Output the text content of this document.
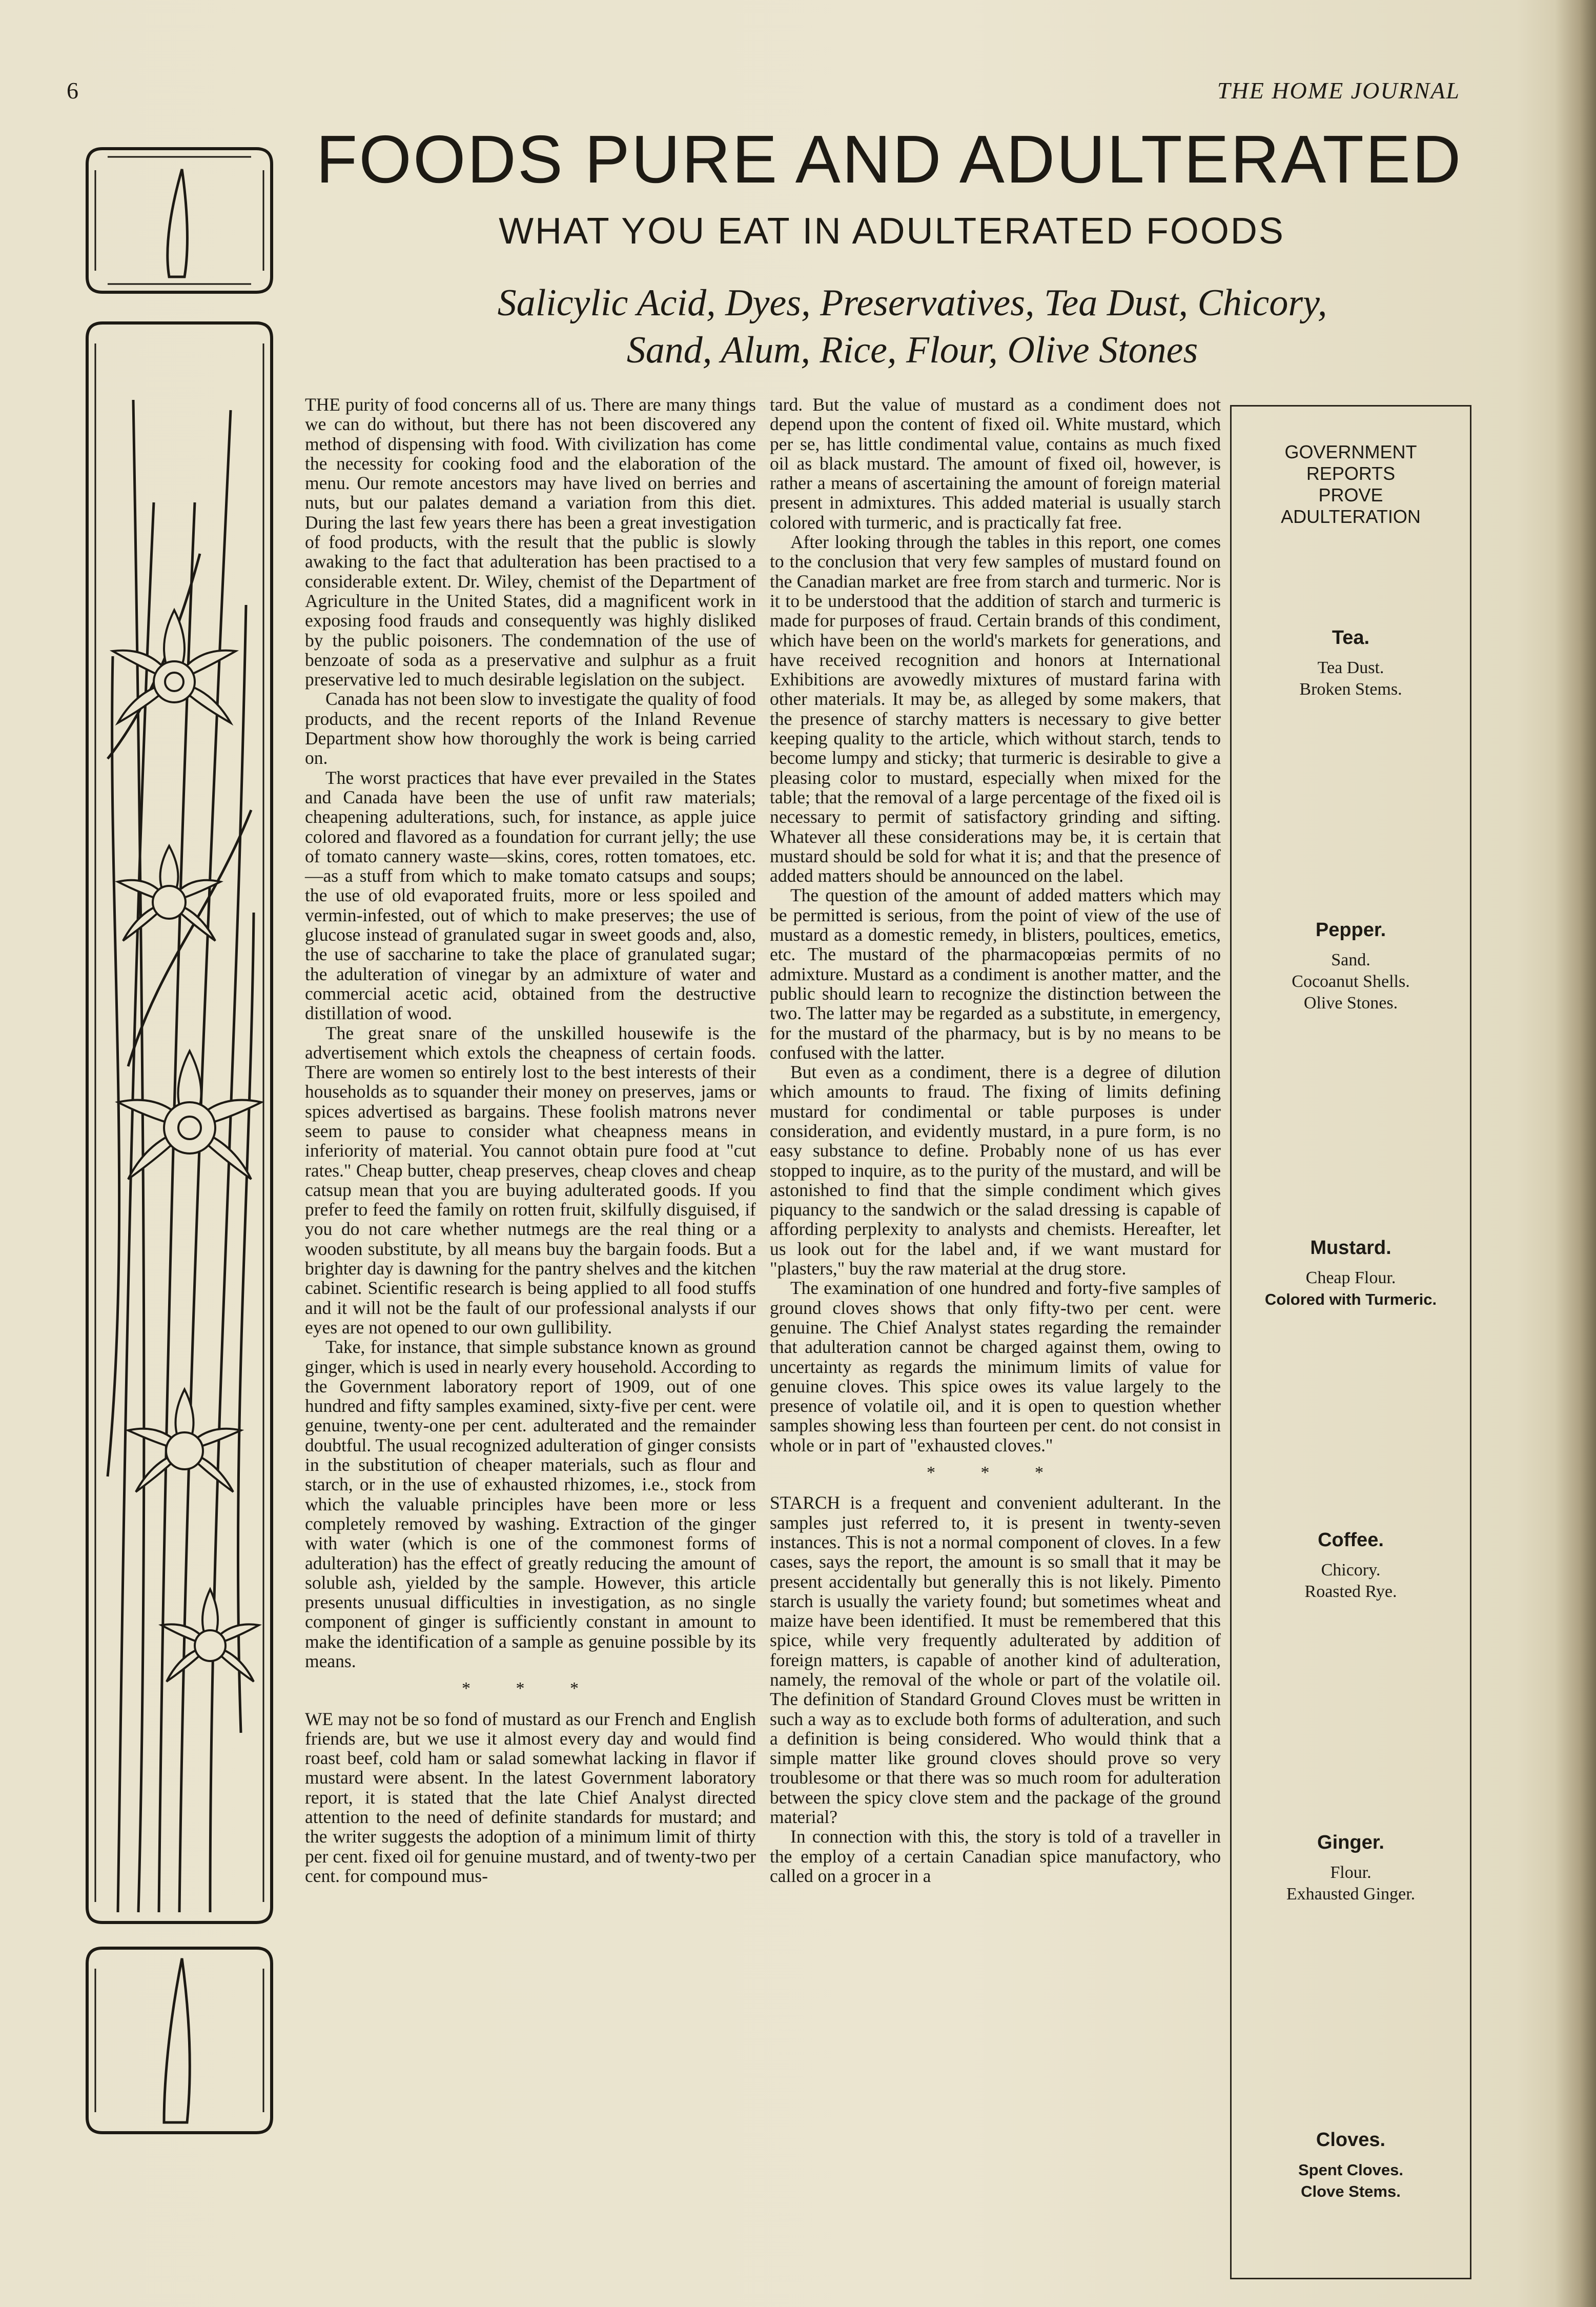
6	THE HOME JOURNAL
FOODS PURE AND ADULTERATED
WHAT YOU EAT IN ADULTERATED FOODS
Salicylic Acid, Dyes, Preservatives, Tea Dust, Chicory,
Sand, Alum, Rice, Flour, Olive Stones

THE purity of food concerns all of us. There are many things we can do without, but there has not been discovered any method of dispensing with food. With civilization has come the necessity for cooking food and the elaboration of the menu. Our remote ancestors may have lived on berries and nuts, but our palates demand a variation from this diet. During the last few years there has been a great investigation of food products, with the result that the public is slowly awaking to the fact that adulteration has been practised to a considerable extent. Dr. Wiley, chemist of the Department of Agriculture in the United States, did a magnificent work in exposing food frauds and consequently was highly disliked by the public poisoners. The condemnation of the use of benzoate of soda as a preservative and sulphur as a fruit preservative led to much desirable legislation on the subject.

Canada has not been slow to investigate the quality of food products, and the recent reports of the Inland Revenue Department show how thoroughly the work is being carried on.

The worst practices that have ever prevailed in the States and Canada have been the use of unfit raw materials; cheapening adulterations, such, for instance, as apple juice colored and flavored as a foundation for currant jelly; the use of tomato cannery waste—skins, cores, rotten tomatoes, etc.—as a stuff from which to make tomato catsups and soups; the use of old evaporated fruits, more or less spoiled and vermin-infested, out of which to make preserves; the use of glucose instead of granulated sugar in sweet goods and, also, the use of saccharine to take the place of granulated sugar; the adulteration of vinegar by an admixture of water and commercial acetic acid, obtained from the destructive distillation of wood.

The great snare of the unskilled housewife is the advertisement which extols the cheapness of certain foods. There are women so entirely lost to the best interests of their households as to squander their money on preserves, jams or spices advertised as bargains. These foolish matrons never seem to pause to consider what cheapness means in inferiority of material. You cannot obtain pure food at "cut rates." Cheap butter, cheap preserves, cheap cloves and cheap catsup mean that you are buying adulterated goods. If you prefer to feed the family on rotten fruit, skilfully disguised, if you do not care whether nutmegs are the real thing or a wooden substitute, by all means buy the bargain foods. But a brighter day is dawning for the pantry shelves and the kitchen cabinet. Scientific research is being applied to all food stuffs and it will not be the fault of our professional analysts if our eyes are not opened to our own gullibility.

Take, for instance, that simple substance known as ground ginger, which is used in nearly every household. According to the Government laboratory report of 1909, out of one hundred and fifty samples examined, sixty-five per cent. were genuine, twenty-one per cent. adulterated and the remainder doubtful. The usual recognized adulteration of ginger consists in the substitution of cheaper materials, such as flour and starch, or in the use of exhausted rhizomes, i.e., stock from which the valuable principles have been more or less completely removed by washing. Extraction of the ginger with water (which is one of the commonest forms of adulteration) has the effect of greatly reducing the amount of soluble ash, yielded by the sample. However, this article presents unusual difficulties in investigation, as no single component of ginger is sufficiently constant in amount to make the identification of a sample as genuine possible by its means.

* * *

WE may not be so fond of mustard as our French and English friends are, but we use it almost every day and would find roast beef, cold ham or salad somewhat lacking in flavor if mustard were absent. In the latest Government laboratory report, it is stated that the late Chief Analyst directed attention to the need of definite standards for mustard; and the writer suggests the adoption of a minimum limit of thirty per cent. fixed oil for genuine mustard, and of twenty-two per cent. for compound mus-

tard. But the value of mustard as a condiment does not depend upon the content of fixed oil. White mustard, which per se, has little condimental value, contains as much fixed oil as black mustard. The amount of fixed oil, however, is rather a means of ascertaining the amount of foreign material present in admixtures. This added material is usually starch colored with turmeric, and is practically fat free.

After looking through the tables in this report, one comes to the conclusion that very few samples of mustard found on the Canadian market are free from starch and turmeric. Nor is it to be understood that the addition of starch and turmeric is made for purposes of fraud. Certain brands of this condiment, which have been on the world's markets for generations, and have received recognition and honors at International Exhibitions are avowedly mixtures of mustard farina with other materials. It may be, as alleged by some makers, that the presence of starchy matters is necessary to give better keeping quality to the article, which without starch, tends to become lumpy and sticky; that turmeric is desirable to give a pleasing color to mustard, especially when mixed for the table; that the removal of a large percentage of the fixed oil is necessary to permit of satisfactory grinding and sifting. Whatever all these considerations may be, it is certain that mustard should be sold for what it is; and that the presence of added matters should be announced on the label.

The question of the amount of added matters which may be permitted is serious, from the point of view of the use of mustard as a domestic remedy, in blisters, poultices, emetics, etc. The mustard of the pharmacopœias permits of no admixture. Mustard as a condiment is another matter, and the public should learn to recognize the distinction between the two. The latter may be regarded as a substitute, in emergency, for the mustard of the pharmacy, but is by no means to be confused with the latter.

But even as a condiment, there is a degree of dilution which amounts to fraud. The fixing of limits defining mustard for condimental or table purposes is under consideration, and evidently mustard, in a pure form, is no easy substance to define. Probably none of us has ever stopped to inquire, as to the purity of the mustard, and will be astonished to find that the simple condiment which gives piquancy to the sandwich or the salad dressing is capable of affording perplexity to analysts and chemists. Hereafter, let us look out for the label and, if we want mustard for "plasters," buy the raw material at the drug store.

The examination of one hundred and forty-five samples of ground cloves shows that only fifty-two per cent. were genuine. The Chief Analyst states regarding the remainder that adulteration cannot be charged against them, owing to uncertainty as regards the minimum limits of value for genuine cloves. This spice owes its value largely to the presence of volatile oil, and it is open to question whether samples showing less than fourteen per cent. do not consist in whole or in part of "exhausted cloves."

* * *

STARCH is a frequent and convenient adulterant. In the samples just referred to, it is present in twenty-seven instances. This is not a normal component of cloves. In a few cases, says the report, the amount is so small that it may be present accidentally but generally this is not likely. Pimento starch is usually the variety found; but sometimes wheat and maize have been identified. It must be remembered that this spice, while very frequently adulterated by addition of foreign matters, is capable of another kind of adulteration, namely, the removal of the whole or part of the volatile oil. The definition of Standard Ground Cloves must be written in such a way as to exclude both forms of adulteration, and such a definition is being considered. Who would think that a simple matter like ground cloves should prove so very troublesome or that there was so much room for adulteration between the spicy clove stem and the package of the ground material?

In connection with this, the story is told of a traveller in the employ of a certain Canadian spice manufactory, who called on a grocer in a

GOVERNMENT
REPORTS
PROVE
ADULTERATION
Tea.
Tea Dust.
Broken Stems.
Pepper.
Sand.
Cocoanut Shells.
Olive Stones.
Mustard.
Cheap Flour.
Colored with Turmeric.
Coffee.
Chicory.
Roasted Rye.
Ginger.
Flour.
Exhausted Ginger.
Cloves.
Spent Cloves.
Clove Stems.
